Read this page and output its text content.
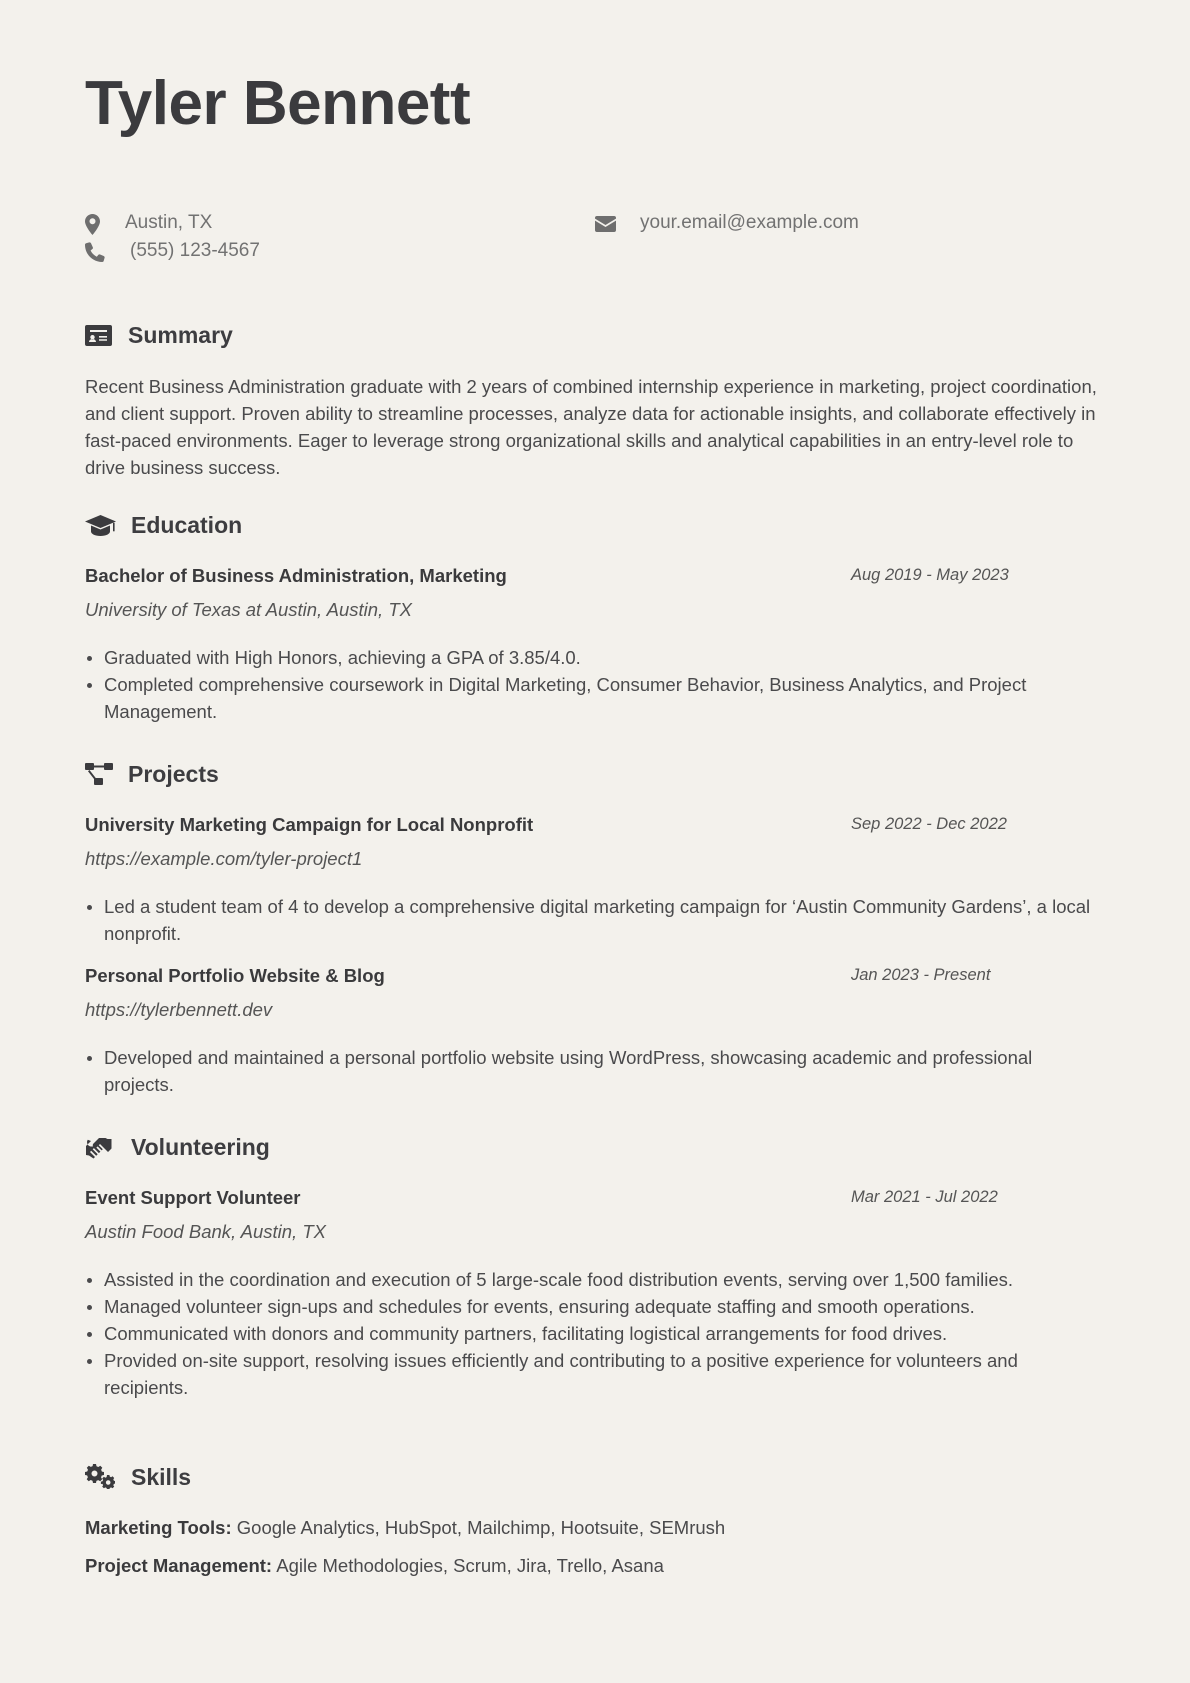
Tyler Bennett
Austin, TX	your.email@example.com
(555) 123-4567
Summary
Recent Business Administration graduate with 2 years of combined internship experience in marketing, project coordination, and client support. Proven ability to streamline processes, analyze data for actionable insights, and collaborate effectively in fast-paced environments. Eager to leverage strong organizational skills and analytical capabilities in an entry-level role to drive business success.
Education
Bachelor of Business Administration, Marketing	Aug 2019 - May 2023
University of Texas at Austin, Austin, TX
Graduated with High Honors, achieving a GPA of 3.85/4.0.
Completed comprehensive coursework in Digital Marketing, Consumer Behavior, Business Analytics, and Project Management.
Projects
University Marketing Campaign for Local Nonprofit	Sep 2022 - Dec 2022
https://example.com/tyler-project1
Led a student team of 4 to develop a comprehensive digital marketing campaign for ‘Austin Community Gardens’, a local nonprofit.
Personal Portfolio Website & Blog	Jan 2023 - Present
https://tylerbennett.dev
Developed and maintained a personal portfolio website using WordPress, showcasing academic and professional projects.
Volunteering
Event Support Volunteer	Mar 2021 - Jul 2022
Austin Food Bank, Austin, TX
Assisted in the coordination and execution of 5 large-scale food distribution events, serving over 1,500 families.
Managed volunteer sign-ups and schedules for events, ensuring adequate staffing and smooth operations.
Communicated with donors and community partners, facilitating logistical arrangements for food drives.
Provided on-site support, resolving issues efficiently and contributing to a positive experience for volunteers and recipients.
Skills
Marketing Tools: Google Analytics, HubSpot, Mailchimp, Hootsuite, SEMrush
Project Management: Agile Methodologies, Scrum, Jira, Trello, Asana
